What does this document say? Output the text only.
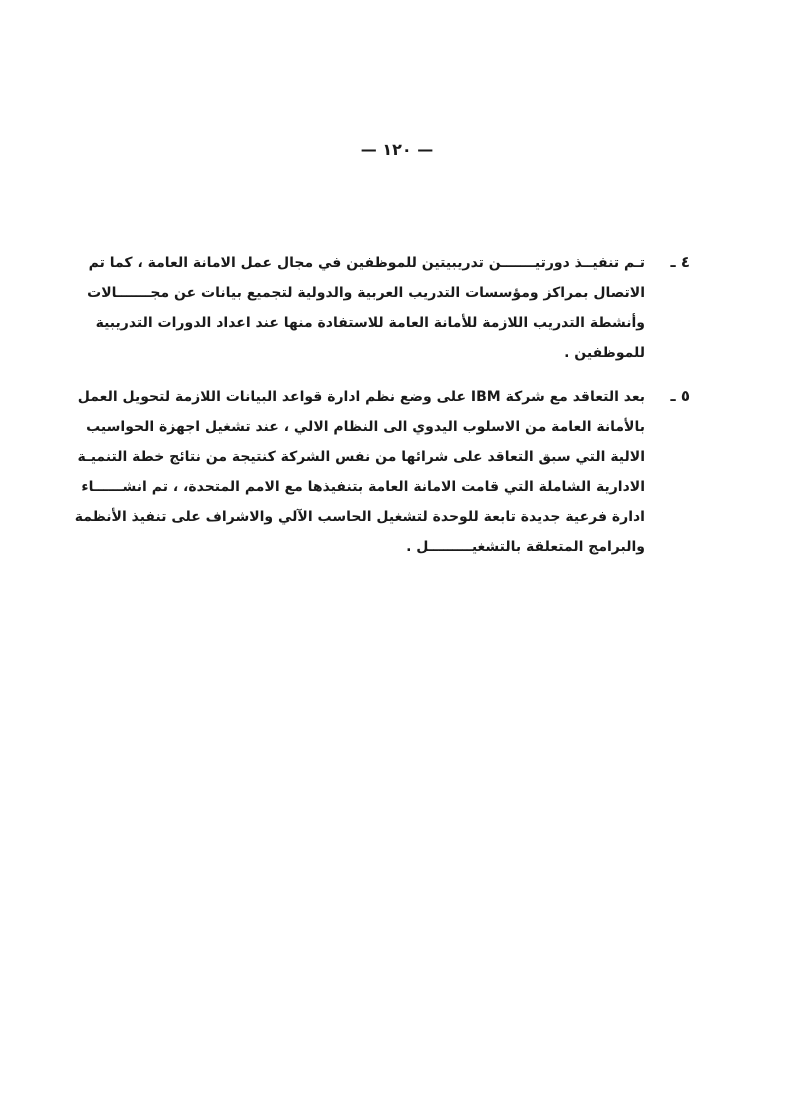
— ١٢٠ —
٤ ـ
تـم تنفيــذ دورتيـــــــن تدريبيتين للموظفين في مجال عمل الامانة العامة ، كما تم
الاتصال بمراكز ومؤسسات التدريب العربية والدولية لتجميع بيانات عن مجـــــــالات
وأنشطة التدريب اللازمة للأمانة العامة للاستفادة منها عند اعداد الدورات التدريبية
للموظفين .
٥ ـ
بعد التعاقد مع شركة IBM على وضع نظم ادارة قواعد البيانات اللازمة لتحويل العمل
بالأمانة العامة من الاسلوب اليدوي الى النظام الالي ، عند تشغيل اجهزة الحواسيب
الالية التي سبق التعاقد على شرائها من نفس الشركة كنتيجة من نتائج خطة التنميـة
الادارية الشاملة التي قامت الامانة العامة بتنفيذها مع الامم المتحدة، ، تم انشــــــاء
ادارة فرعية جديدة تابعة للوحدة لتشغيل الحاسب الآلي والاشراف على تنفيذ الأنظمة
والبرامج المتعلقة بالتشغيـــــــــل .
